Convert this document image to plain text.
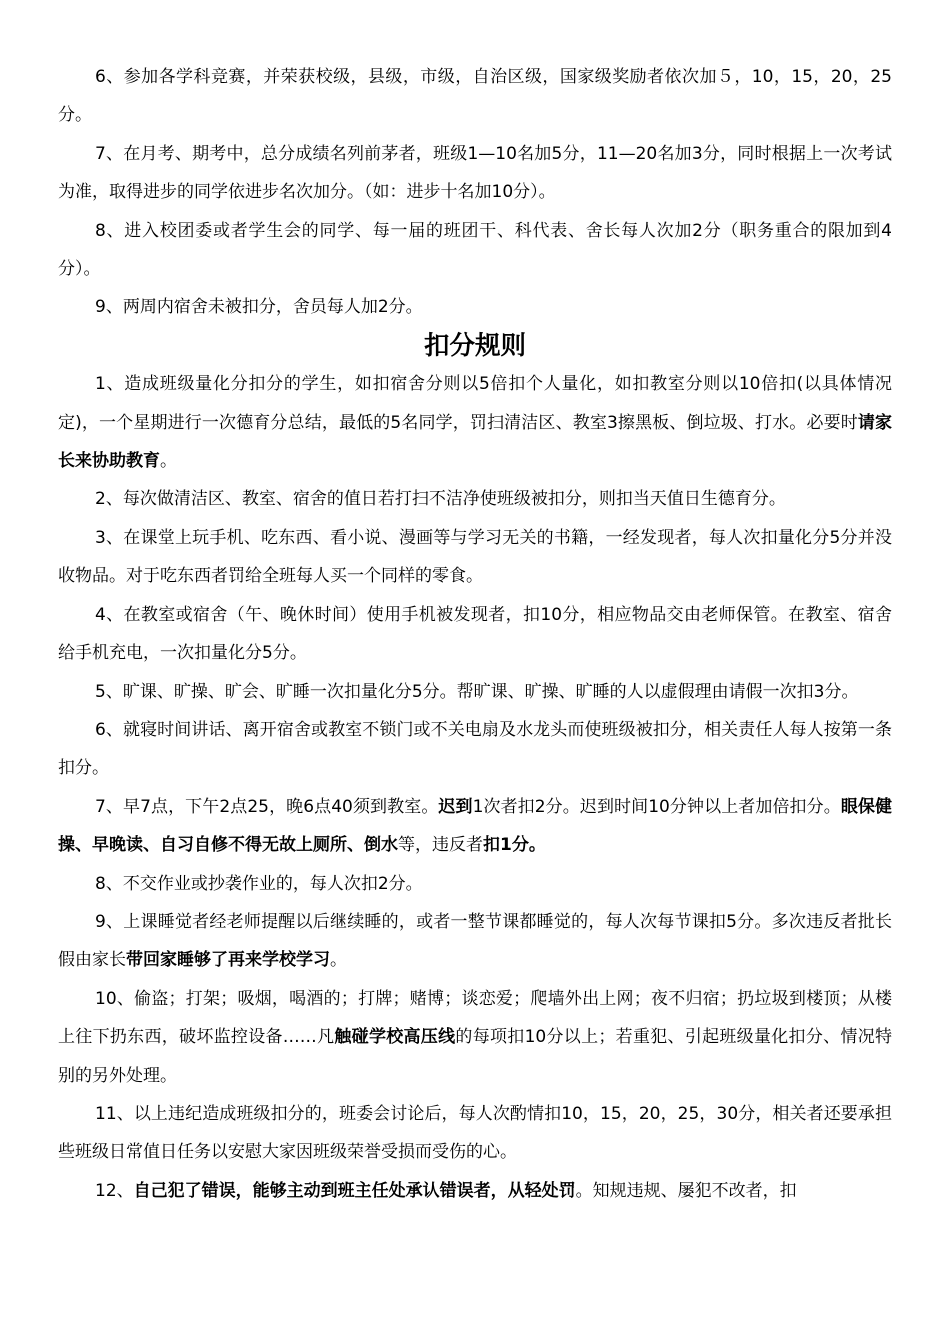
6、参加各学科竞赛，并荣获校级，县级，市级，自治区级，国家级奖励者依次加５，10，15，20，25分。

7、在月考、期考中，总分成绩名列前茅者，班级1—10名加5分，11—20名加3分，同时根据上一次考试为准，取得进步的同学依进步名次加分。（如：进步十名加10分）。

8、进入校团委或者学生会的同学、每一届的班团干、科代表、舍长每人次加2分（职务重合的限加到4分）。

9、两周内宿舍未被扣分，舍员每人加2分。

扣分规则

1、造成班级量化分扣分的学生，如扣宿舍分则以5倍扣个人量化，如扣教室分则以10倍扣(以具体情况定)，一个星期进行一次德育分总结，最低的5名同学，罚扫清洁区、教室3擦黑板、倒垃圾、打水。必要时请家长来协助教育。

2、每次做清洁区、教室、宿舍的值日若打扫不洁净使班级被扣分，则扣当天值日生德育分。

3、在课堂上玩手机、吃东西、看小说、漫画等与学习无关的书籍，一经发现者，每人次扣量化分5分并没收物品。对于吃东西者罚给全班每人买一个同样的零食。

4、在教室或宿舍（午、晚休时间）使用手机被发现者，扣10分，相应物品交由老师保管。在教室、宿舍给手机充电，一次扣量化分5分。

5、旷课、旷操、旷会、旷睡一次扣量化分5分。帮旷课、旷操、旷睡的人以虚假理由请假一次扣3分。

6、就寝时间讲话、离开宿舍或教室不锁门或不关电扇及水龙头而使班级被扣分，相关责任人每人按第一条扣分。

7、早7点，下午2点25，晚6点40须到教室。迟到1次者扣2分。迟到时间10分钟以上者加倍扣分。眼保健操、早晚读、自习自修不得无故上厕所、倒水等，违反者扣1分。

8、不交作业或抄袭作业的，每人次扣2分。

9、上课睡觉者经老师提醒以后继续睡的，或者一整节课都睡觉的，每人次每节课扣5分。多次违反者批长假由家长带回家睡够了再来学校学习。

10、偷盗；打架；吸烟，喝酒的；打牌；赌博；谈恋爱；爬墙外出上网；夜不归宿；扔垃圾到楼顶；从楼上往下扔东西，破坏监控设备……凡触碰学校高压线的每项扣10分以上；若重犯、引起班级量化扣分、情况特别的另外处理。

11、以上违纪造成班级扣分的，班委会讨论后，每人次酌情扣10，15，20，25，30分，相关者还要承担些班级日常值日任务以安慰大家因班级荣誉受损而受伤的心。

12、自己犯了错误，能够主动到班主任处承认错误者，从轻处罚。知规违规、屡犯不改者，扣
